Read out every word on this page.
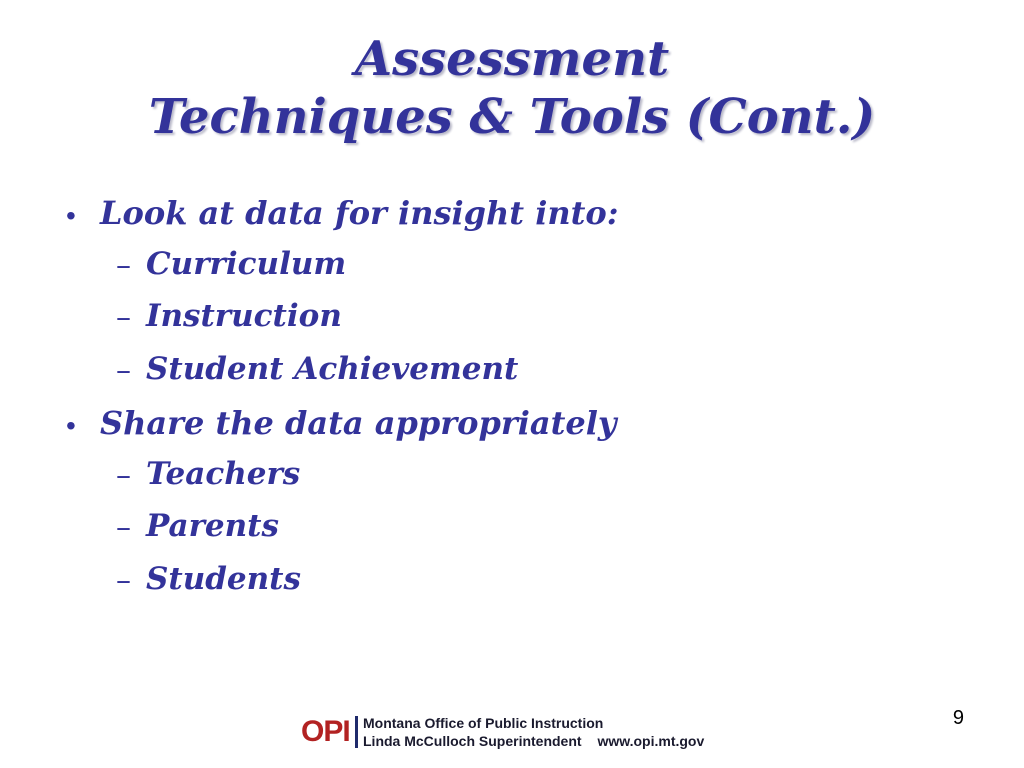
Assessment
Techniques & Tools (Cont.)
• Look at data for insight into:
– Curriculum
– Instruction
– Student Achievement
• Share the data appropriately
– Teachers
– Parents
– Students
9
OPI Montana Office of Public Instruction
Linda McCulloch Superintendent www.opi.mt.gov
